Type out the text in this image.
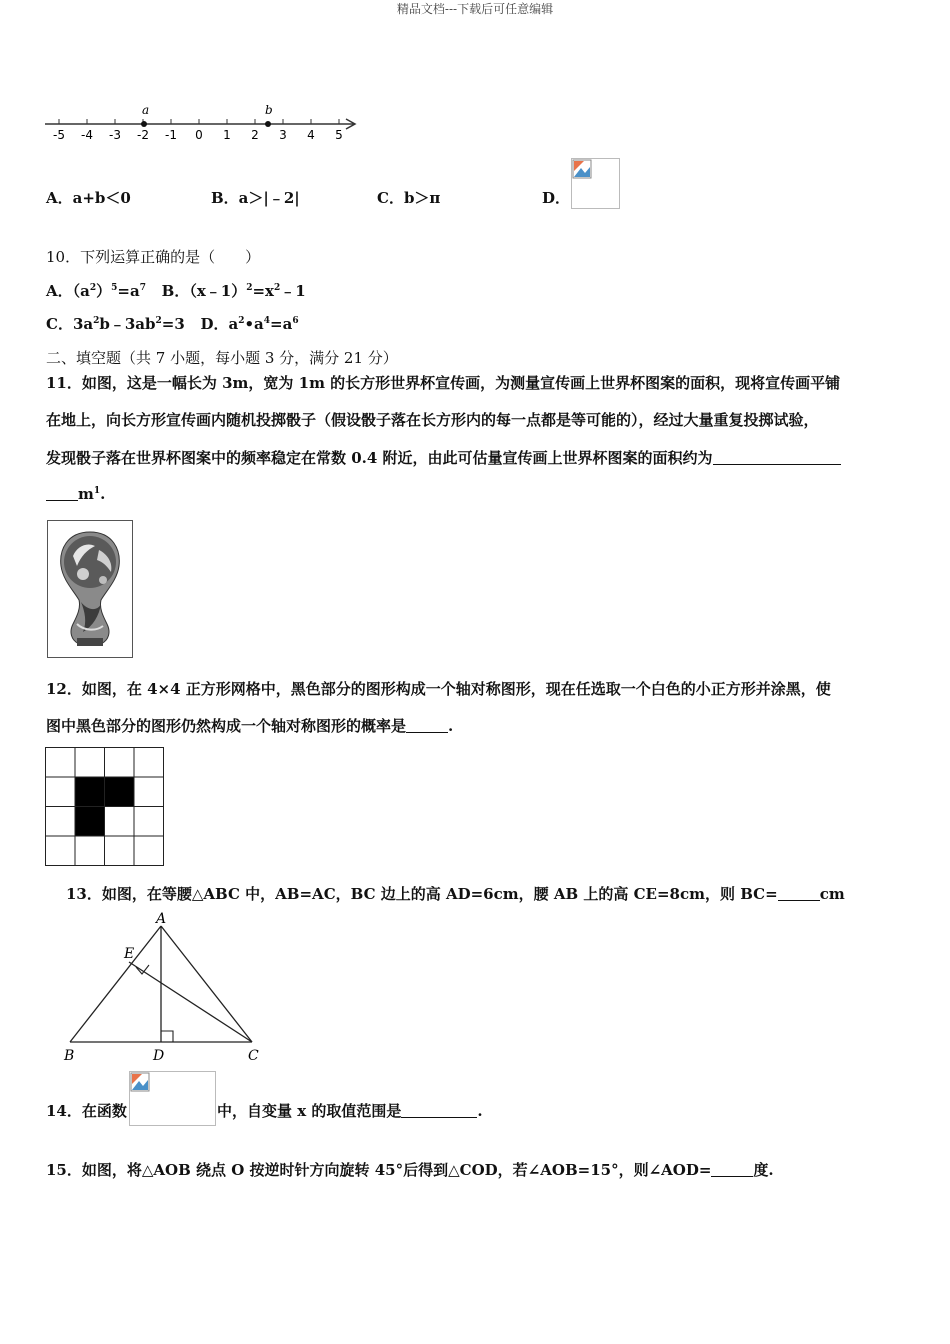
精品文档---下载后可任意编辑
-5 -4 -3 -2 -1 0 1 2 3 4 5
a	b
A．a+b＜0	B．a＞|﹣2|	C．b＞π	D．
10．下列运算正确的是（　　）
A．$(a^2)^5=a^7$ B．$(x﹣1)^2=x^2﹣1$
C．$3a^2b﹣3ab^2=3$ D．$a^2•a^4=a^6$
二、填空题（共 7 小题，每小题 3 分，满分 21 分）
11．如图，这是一幅长为 3m，宽为 1m 的长方形世界杯宣传画，为测量宣传画上世界杯图案的面积，现将宣传画平铺
在地上，向长方形宣传画内随机投掷骰子（假设骰子落在长方形内的每一点都是等可能的），经过大量重复投掷试验，
发现骰子落在世界杯图案中的频率稳定在常数 0.4 附近，由此可估量宣传画上世界杯图案的面积约为
$m^1$.
12．如图，在 4×4 正方形网格中，黑色部分的图形构成一个轴对称图形，现在任选取一个白色的小正方形并涂黑，使
图中黑色部分的图形仍然构成一个轴对称图形的概率是	.
13．如图，在等腰△ABC 中，AB=AC，BC 边上的高 AD=6cm，腰 AB 上的高 CE=8cm，则 BC=	cm
A
B	C
D
E
14．在函数	中，自变量 x 的取值范围是	.
15．如图，将△AOB 绕点 O 按逆时针方向旋转 45°后得到△COD，若∠AOB=15°，则∠AOD=	度.
